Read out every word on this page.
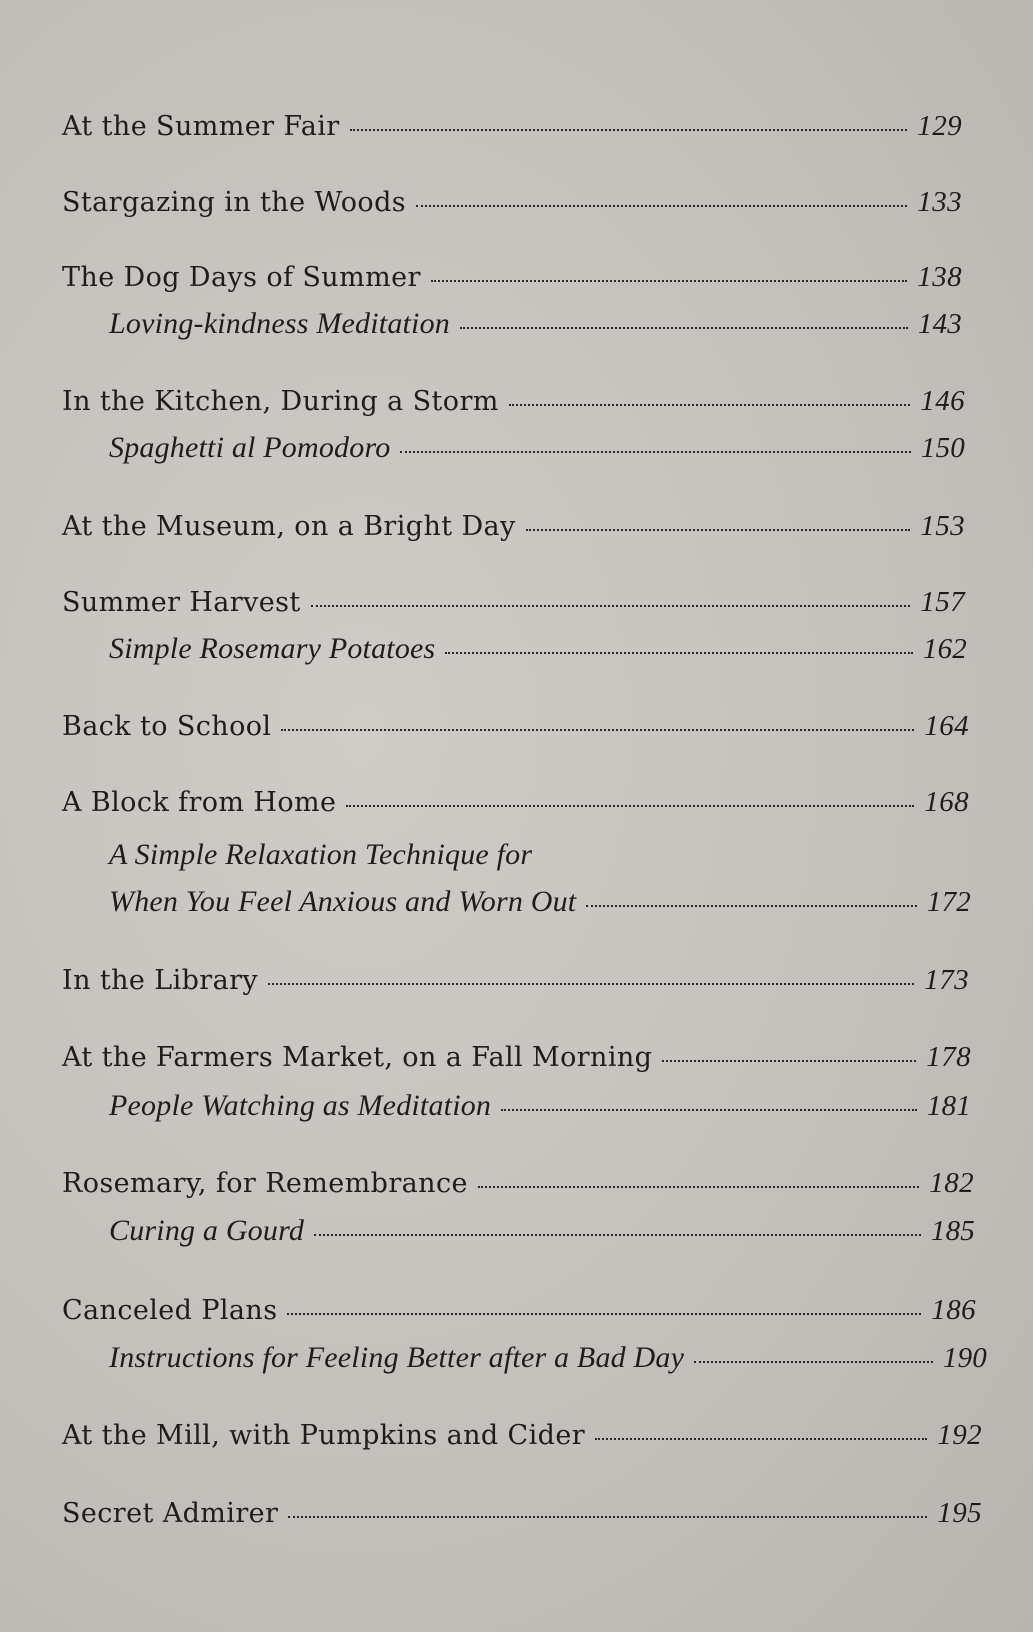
At the Summer Fair	129
Stargazing in the Woods	133
The Dog Days of Summer	138
Loving-kindness Meditation	143
In the Kitchen, During a Storm	146
Spaghetti al Pomodoro	150
At the Museum, on a Bright Day	153
Summer Harvest	157
Simple Rosemary Potatoes	162
Back to School	164
A Block from Home	168
A Simple Relaxation Technique for
When You Feel Anxious and Worn Out	172
In the Library	173
At the Farmers Market, on a Fall Morning	178
People Watching as Meditation	181
Rosemary, for Remembrance	182
Curing a Gourd	185
Canceled Plans	186
Instructions for Feeling Better after a Bad Day	190
At the Mill, with Pumpkins and Cider	192
Secret Admirer	195
